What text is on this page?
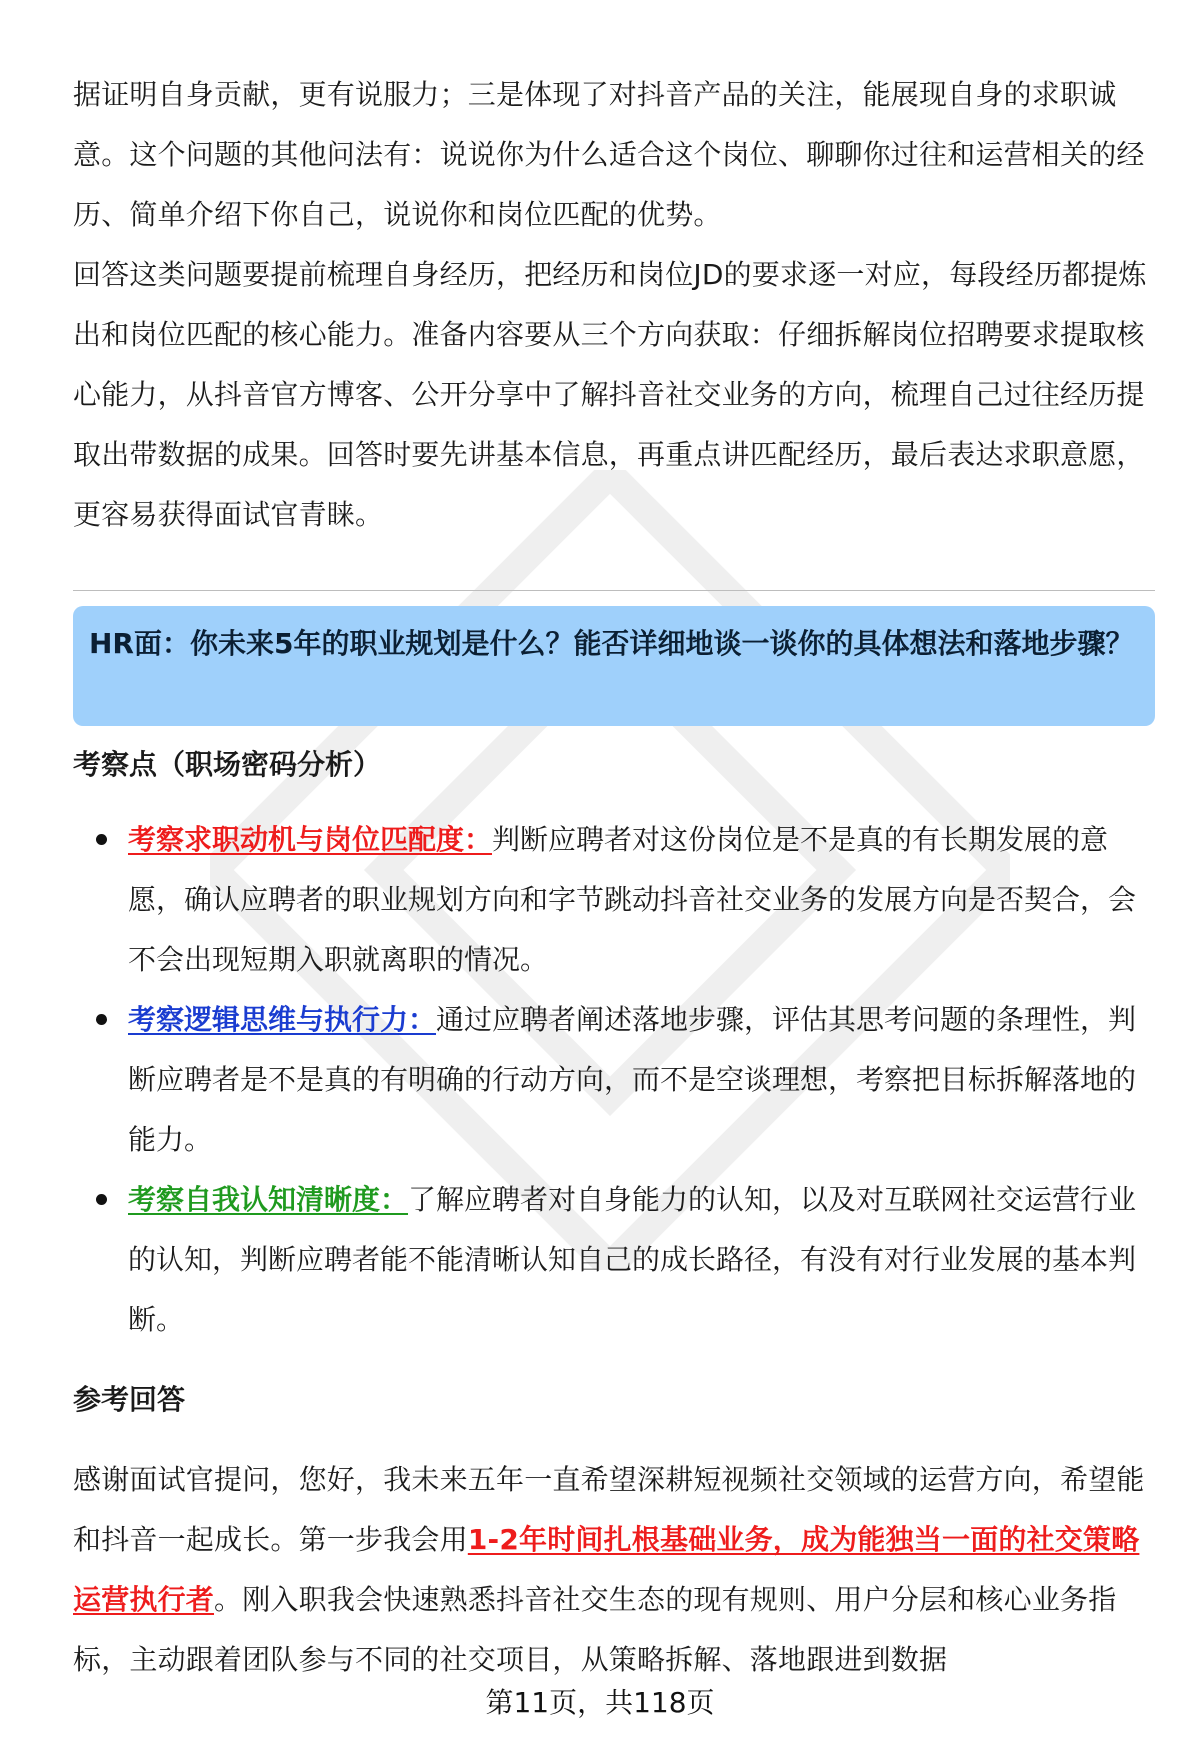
据证明自身贡献，更有说服力；三是体现了对抖音产品的关注，能展现自身的求职诚意。这个问题的其他问法有：说说你为什么适合这个岗位、聊聊你过往和运营相关的经历、简单介绍下你自己，说说你和岗位匹配的优势。

回答这类问题要提前梳理自身经历，把经历和岗位JD的要求逐一对应，每段经历都提炼出和岗位匹配的核心能力。准备内容要从三个方向获取：仔细拆解岗位招聘要求提取核心能力，从抖音官方博客、公开分享中了解抖音社交业务的方向，梳理自己过往经历提取出带数据的成果。回答时要先讲基本信息，再重点讲匹配经历，最后表达求职意愿，更容易获得面试官青睐。

HR面：你未来5年的职业规划是什么？能否详细地谈一谈你的具体想法和落地步骤？
考察点（职场密码分析）
考察求职动机与岗位匹配度：判断应聘者对这份岗位是不是真的有长期发展的意愿，确认应聘者的职业规划方向和字节跳动抖音社交业务的发展方向是否契合，会不会出现短期入职就离职的情况。
考察逻辑思维与执行力：通过应聘者阐述落地步骤，评估其思考问题的条理性，判断应聘者是不是真的有明确的行动方向，而不是空谈理想，考察把目标拆解落地的能力。
考察自我认知清晰度：了解应聘者对自身能力的认知，以及对互联网社交运营行业的认知，判断应聘者能不能清晰认知自己的成长路径，有没有对行业发展的基本判断。
参考回答

感谢面试官提问，您好，我未来五年一直希望深耕短视频社交领域的运营方向，希望能和抖音一起成长。第一步我会用1-2年时间扎根基础业务，成为能独当一面的社交策略运营执行者。刚入职我会快速熟悉抖音社交生态的现有规则、用户分层和核心业务指标，主动跟着团队参与不同的社交项目，从策略拆解、落地跟进到数据

第11页，共118页
